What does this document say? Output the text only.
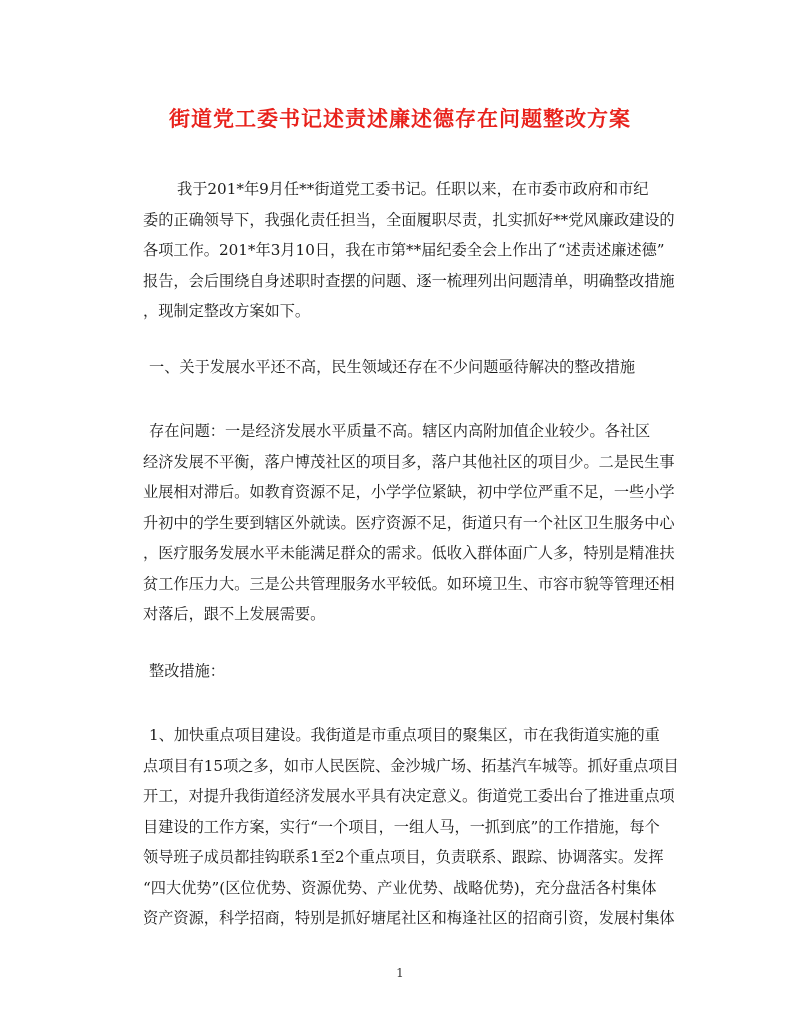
街道党工委书记述责述廉述德存在问题整改方案
我于201*年9月任**街道党工委书记。任职以来，在市委市政府和市纪
委的正确领导下，我强化责任担当，全面履职尽责，扎实抓好**党风廉政建设的
各项工作。201*年3月10日，我在市第**届纪委全会上作出了“述责述廉述德”
报告，会后围绕自身述职时查摆的问题、逐一梳理列出问题清单，明确整改措施
，现制定整改方案如下。
一、关于发展水平还不高，民生领域还存在不少问题亟待解决的整改措施
存在问题：一是经济发展水平质量不高。辖区内高附加值企业较少。各社区
经济发展不平衡，落户博茂社区的项目多，落户其他社区的项目少。二是民生事
业展相对滞后。如教育资源不足，小学学位紧缺，初中学位严重不足，一些小学
升初中的学生要到辖区外就读。医疗资源不足，街道只有一个社区卫生服务中心
，医疗服务发展水平未能满足群众的需求。低收入群体面广人多，特别是精准扶
贫工作压力大。三是公共管理服务水平较低。如环境卫生、市容市貌等管理还相
对落后，跟不上发展需要。
整改措施：
1、加快重点项目建设。我街道是市重点项目的聚集区，市在我街道实施的重
点项目有15项之多，如市人民医院、金沙城广场、拓基汽车城等。抓好重点项目
开工，对提升我街道经济发展水平具有决定意义。街道党工委出台了推进重点项
目建设的工作方案，实行“一个项目，一组人马，一抓到底”的工作措施，每个
领导班子成员都挂钩联系1至2个重点项目，负责联系、跟踪、协调落实。发挥
“四大优势”(区位优势、资源优势、产业优势、战略优势)，充分盘活各村集体
资产资源，科学招商，特别是抓好塘尾社区和梅逢社区的招商引资，发展村集体
1
